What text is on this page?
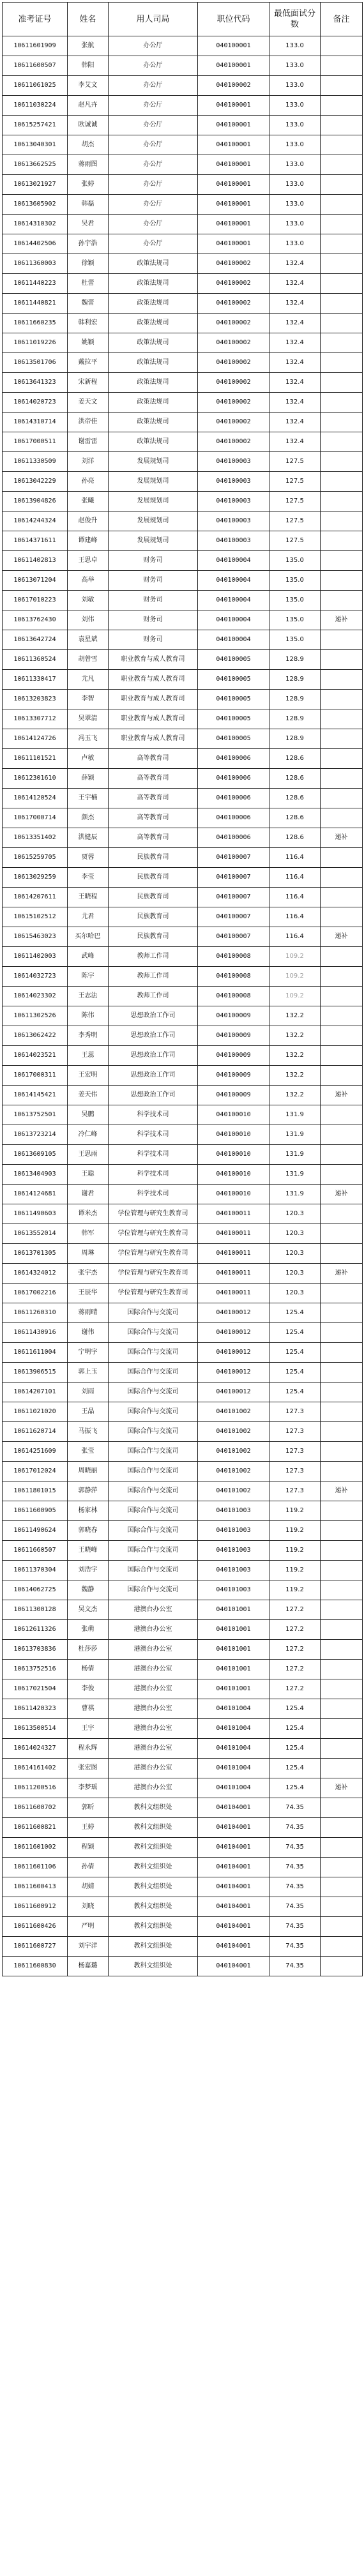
准考证号	姓名	用人司局	职位代码	最低面试分数	备注
10611601909	张航	办公厅	040100001	133.0	
10611600507	韩阳	办公厅	040100001	133.0	
10611061025	李艾文	办公厅	040100002	133.0	
10611030224	赵凡卉	办公厅	040100001	133.0	
10615257421	欧诚诚	办公厅	040100001	133.0	
10613040301	胡杰	办公厅	040100001	133.0	
10613662525	蒋雨图	办公厅	040100001	133.0	
10613021927	张婷	办公厅	040100001	133.0	
10613605902	韩磊	办公厅	040100001	133.0	
10614310302	吴君	办公厅	040100001	133.0	
10614402506	孙宇浩	办公厅	040100001	133.0	
10611360003	徐颖	政策法规司	040100002	132.4	
10611440223	杜蕾	政策法规司	040100002	132.4	
10611440821	魏蕾	政策法规司	040100002	132.4	
10611660235	韩利宏	政策法规司	040100002	132.4	
10611019226	姚颖	政策法规司	040100002	132.4	
10613501706	戴拉平	政策法规司	040100002	132.4	
10613641323	宋新程	政策法规司	040100002	132.4	
10614020723	姜天文	政策法规司	040100002	132.4	
10614310714	洪帝佳	政策法规司	040100002	132.4	
10617000511	谢雷雷	政策法规司	040100002	132.4	
10611330509	刘洋	发展规划司	040100003	127.5	
10613042229	孙亮	发展规划司	040100003	127.5	
10613904826	张曦	发展规划司	040100003	127.5	
10614244324	赵俊升	发展规划司	040100003	127.5	
10614371611	谭建峰	发展规划司	040100003	127.5	
10611402813	王思卓	财务司	040100004	135.0	
10613071204	高举	财务司	040100004	135.0	
10617010223	刘敏	财务司	040100004	135.0	
10613762430	刘伟	财务司	040100004	135.0	递补
10613642724	袁星斌	财务司	040100004	135.0	
10611360524	胡曾雪	职业教育与成人教育司	040100005	128.9	
10611330417	尤凡	职业教育与成人教育司	040100005	128.9	
10613203823	李智	职业教育与成人教育司	040100005	128.9	
10613307712	吴翠清	职业教育与成人教育司	040100005	128.9	
10614124726	冯玉飞	职业教育与成人教育司	040100005	128.9	
10611101521	卢敏	高等教育司	040100006	128.6	
10612301610	薛颖	高等教育司	040100006	128.6	
10614120524	王宇楠	高等教育司	040100006	128.6	
10617000714	颜杰	高等教育司	040100006	128.6	
10613351402	洪健辰	高等教育司	040100006	128.6	递补
10615259705	贾蓉	民族教育司	040100007	116.4	
10613029259	李莹	民族教育司	040100007	116.4	
10614207611	王晓程	民族教育司	040100007	116.4	
10615102512	尤君	民族教育司	040100007	116.4	
10615463023	买尔哈巴	民族教育司	040100007	116.4	递补
10611402003	武峰	教师工作司	040100008	109.2	
10614032723	陈宇	教师工作司	040100008	109.2	
10614023302	王志法	教师工作司	040100008	109.2	
10611302526	陈伟	思想政治工作司	040100009	132.2	
10613062422	李秀明	思想政治工作司	040100009	132.2	
10614023521	王蕊	思想政治工作司	040100009	132.2	
10617000311	王宏明	思想政治工作司	040100009	132.2	
10614145421	姜天伟	思想政治工作司	040100009	132.2	递补
10613752501	吴鹏	科学技术司	040100010	131.9	
10613723214	冷仁峰	科学技术司	040100010	131.9	
10613609105	王思雨	科学技术司	040100010	131.9	
10613404903	王聪	科学技术司	040100010	131.9	
10614124681	谢君	科学技术司	040100010	131.9	递补
10611490603	谭米杰	学位管理与研究生教育司	040100011	120.3	
10613552014	韩军	学位管理与研究生教育司	040100011	120.3	
10613701305	周琳	学位管理与研究生教育司	040100011	120.3	
10614324012	张宇杰	学位管理与研究生教育司	040100011	120.3	递补
10617002216	王辰华	学位管理与研究生教育司	040100011	120.3	
10611260310	蒋雨晴	国际合作与交流司	040100012	125.4	
10611430916	谢伟	国际合作与交流司	040100012	125.4	
10611611004	宁明宇	国际合作与交流司	040100012	125.4	
10613906515	郭上玉	国际合作与交流司	040100012	125.4	
10614207101	刘雨	国际合作与交流司	040100012	125.4	
10611021020	王晶	国际合作与交流司	040101002	127.3	
10611620714	马振飞	国际合作与交流司	040101002	127.3	
10614251609	张莹	国际合作与交流司	040101002	127.3	
10617012024	周晓丽	国际合作与交流司	040101002	127.3	
10611801015	郭静萍	国际合作与交流司	040101002	127.3	递补
10611600905	杨家林	国际合作与交流司	040101003	119.2	
10611490624	郭晓春	国际合作与交流司	040101003	119.2	
10611660507	王晓峰	国际合作与交流司	040101003	119.2	
10611370304	刘浩宇	国际合作与交流司	040101003	119.2	
10614062725	魏静	国际合作与交流司	040101003	119.2	
10611300128	吴文杰	港澳台办公室	040101001	127.2	
10612611326	张萌	港澳台办公室	040101001	127.2	
10613703836	杜莎莎	港澳台办公室	040101001	127.2	
10613752516	杨倩	港澳台办公室	040101001	127.2	
10617021504	李俊	港澳台办公室	040101001	127.2	
10611420323	曹祺	港澳台办公室	040101004	125.4	
10613500514	王宇	港澳台办公室	040101004	125.4	
10614024327	程永辉	港澳台办公室	040101004	125.4	
10614161402	张宏图	港澳台办公室	040101004	125.4	
10611200516	李梦瑶	港澳台办公室	040101004	125.4	递补
10611600702	郭昕	教科文组织处	040104001	74.35	
10611600821	王婷	教科文组织处	040104001	74.35	
10611601002	程颖	教科文组织处	040104001	74.35	
10611601106	孙倩	教科文组织处	040104001	74.35	
10611600413	胡婧	教科文组织处	040104001	74.35	
10611600912	刘晓	教科文组织处	040104001	74.35	
10611600426	严明	教科文组织处	040104001	74.35	
10611600727	刘宇洋	教科文组织处	040104001	74.35	
10611600830	杨嘉璐	教科文组织处	040104001	74.35	
